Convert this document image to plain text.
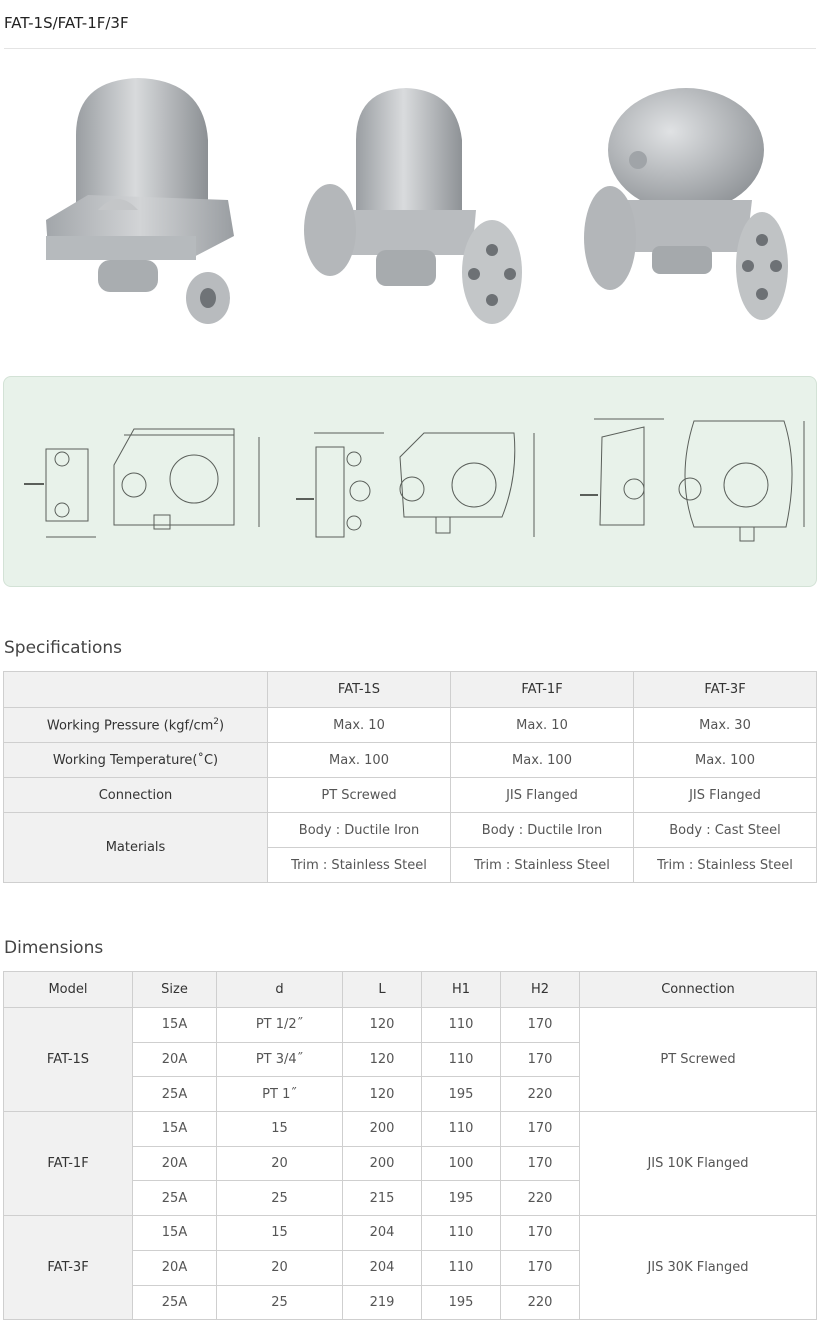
FAT-1S/FAT-1F/3F
Specifications
	FAT-1S	FAT-1F	FAT-3F
Working Pressure $(kgf/cm^2)$	Max. 10	Max. 10	Max. 30
Working Temperature(˚C)	Max. 100	Max. 100	Max. 100
Connection	PT Screwed	JIS Flanged	JIS Flanged
Materials	Body : Ductile Iron	Body : Ductile Iron	Body : Cast Steel
	Trim : Stainless Steel	Trim : Stainless Steel	Trim : Stainless Steel
Dimensions
Model	Size	d	L	H1	H2	Connection
FAT-1S	15A	PT 1/2˝	120	110	170	PT Screwed
	20A	PT 3/4˝	120	110	170	
	25A	PT 1˝	120	195	220	
FAT-1F	15A	15	200	110	170	JIS 10K Flanged
	20A	20	200	100	170	
	25A	25	215	195	220	
FAT-3F	15A	15	204	110	170	JIS 30K Flanged
	20A	20	204	110	170	
	25A	25	219	195	220	
